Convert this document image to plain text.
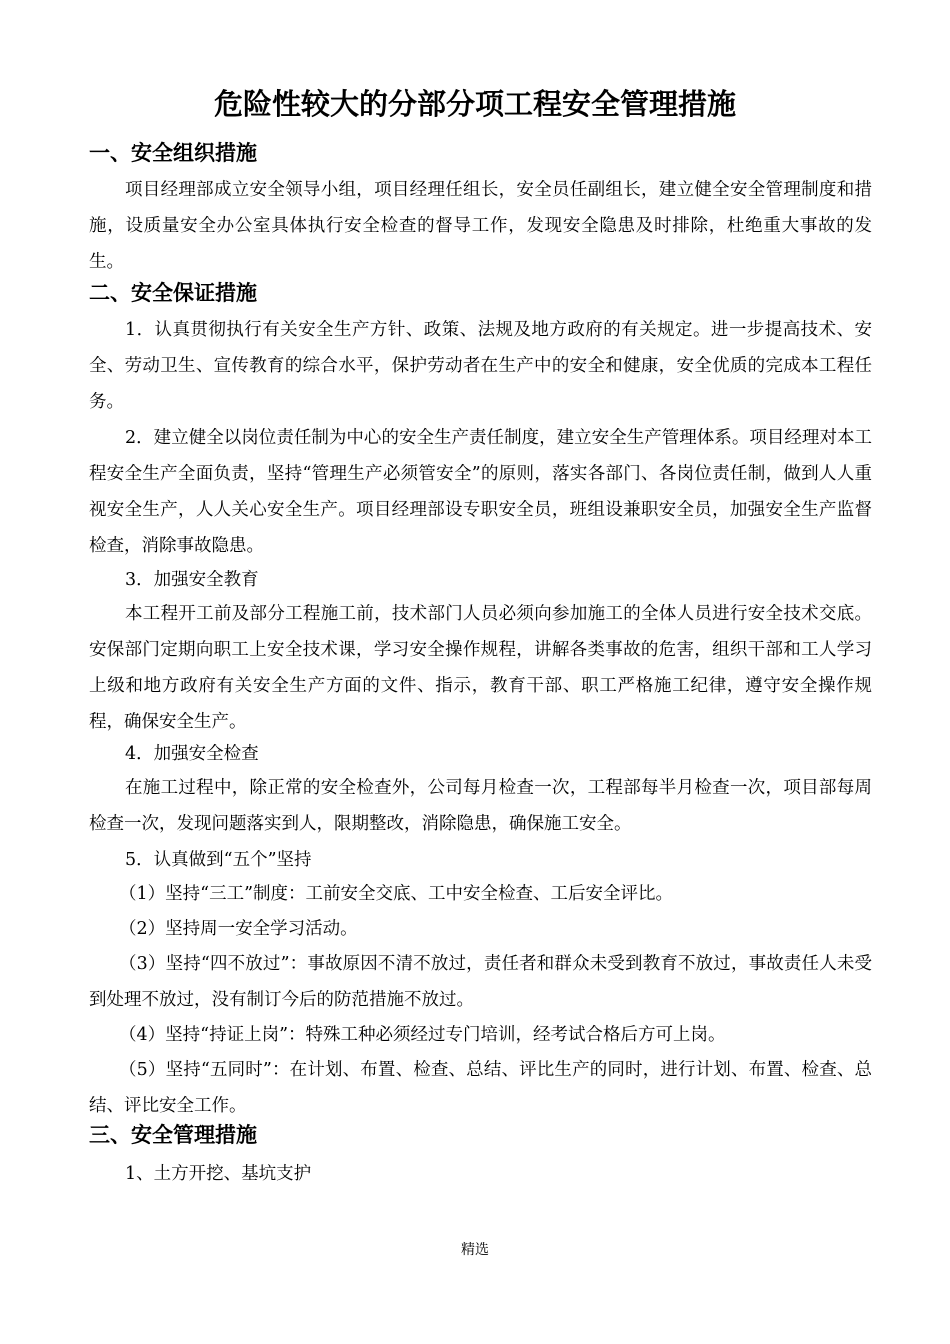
危险性较大的分部分项工程安全管理措施
一、安全组织措施

项目经理部成立安全领导小组，项目经理任组长，安全员任副组长，建立健全安全管理制度和措施，设质量安全办公室具体执行安全检查的督导工作，发现安全隐患及时排除，杜绝重大事故的发生。

二、安全保证措施

1．认真贯彻执行有关安全生产方针、政策、法规及地方政府的有关规定。进一步提高技术、安全、劳动卫生、宣传教育的综合水平，保护劳动者在生产中的安全和健康，安全优质的完成本工程任务。

2．建立健全以岗位责任制为中心的安全生产责任制度，建立安全生产管理体系。项目经理对本工程安全生产全面负责，坚持“管理生产必须管安全”的原则，落实各部门、各岗位责任制，做到人人重视安全生产，人人关心安全生产。项目经理部设专职安全员，班组设兼职安全员，加强安全生产监督检查，消除事故隐患。

3．加强安全教育

本工程开工前及部分工程施工前，技术部门人员必须向参加施工的全体人员进行安全技术交底。安保部门定期向职工上安全技术课，学习安全操作规程，讲解各类事故的危害，组织干部和工人学习上级和地方政府有关安全生产方面的文件、指示，教育干部、职工严格施工纪律，遵守安全操作规程，确保安全生产。

4．加强安全检查

在施工过程中，除正常的安全检查外，公司每月检查一次，工程部每半月检查一次，项目部每周检查一次，发现问题落实到人，限期整改，消除隐患，确保施工安全。

5．认真做到“五个”坚持

（1）坚持“三工”制度：工前安全交底、工中安全检查、工后安全评比。

（2）坚持周一安全学习活动。

（3）坚持“四不放过”：事故原因不清不放过，责任者和群众未受到教育不放过，事故责任人未受到处理不放过，没有制订今后的防范措施不放过。

（4）坚持“持证上岗”：特殊工种必须经过专门培训，经考试合格后方可上岗。

（5）坚持“五同时”：在计划、布置、检查、总结、评比生产的同时，进行计划、布置、检查、总结、评比安全工作。

三、安全管理措施

1、土方开挖、基坑支护

精选
